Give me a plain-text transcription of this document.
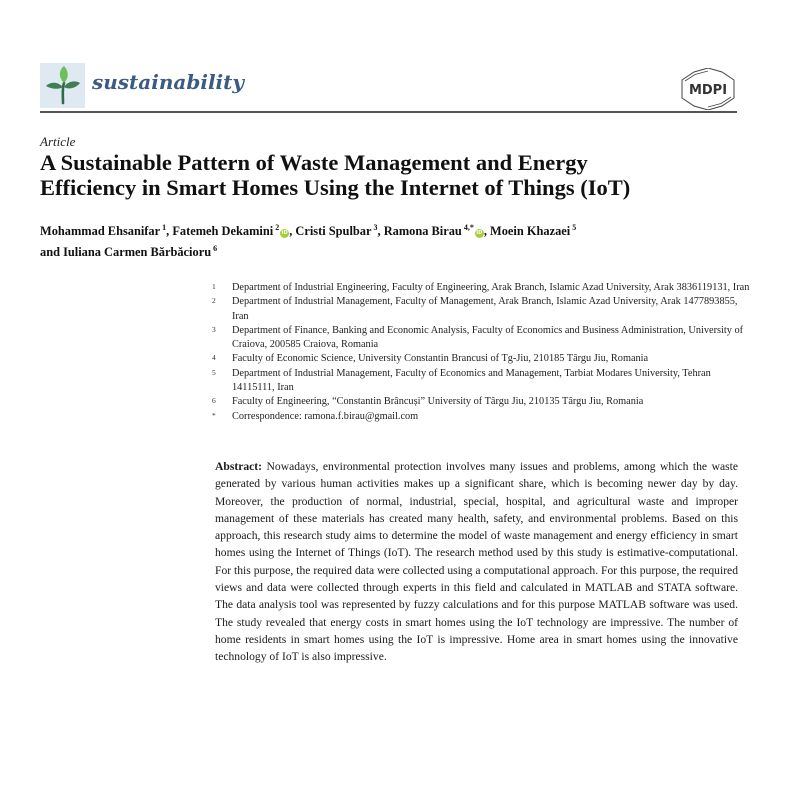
sustainability	MDPI
Article
A Sustainable Pattern of Waste Management and Energy
Efficiency in Smart Homes Using the Internet of Things (IoT)
Mohammad Ehsanifar $^1$, Fatemeh Dekamini $^2$iD , Cristi Spulbar $^3$, Ramona Birau $^{4,*}$iD , Moein Khazaei $^5$
and Iuliana Carmen Bărbăcioru $^6$
1	Department of Industrial Engineering, Faculty of Engineering, Arak Branch, Islamic Azad University, Arak 3836119131, Iran
2	Department of Industrial Management, Faculty of Management, Arak Branch, Islamic Azad University, Arak 1477893855, Iran
3	Department of Finance, Banking and Economic Analysis, Faculty of Economics and Business Administration, University of Craiova, 200585 Craiova, Romania
4	Faculty of Economic Science, University Constantin Brancusi of Tg-Jiu, 210185 Târgu Jiu, Romania
5	Department of Industrial Management, Faculty of Economics and Management, Tarbiat Modares University, Tehran 14115111, Iran
6	Faculty of Engineering, “Constantin Brâncuși” University of Târgu Jiu, 210135 Târgu Jiu, Romania
*	Correspondence: ramona.f.birau@gmail.com
Abstract: Nowadays, environmental protection involves many issues and problems, among which the waste generated by various human activities makes up a significant share, which is becoming newer day by day. Moreover, the production of normal, industrial, special, hospital, and agricultural waste and improper management of these materials has created many health, safety, and environmental problems. Based on this approach, this research study aims to determine the model of waste management and energy efficiency in smart homes using the Internet of Things (IoT). The research method used by this study is estimative-computational. For this purpose, the required data were collected using a computational approach. For this purpose, the required views and data were collected through experts in this field and calculated in MATLAB and STATA software. The data analysis tool was represented by fuzzy calculations and for this purpose MATLAB software was used. The study revealed that energy costs in smart homes using the IoT technology are impressive. The number of home residents in smart homes using the IoT is impressive. Home area in smart homes using the innovative technology of IoT is also impressive.
